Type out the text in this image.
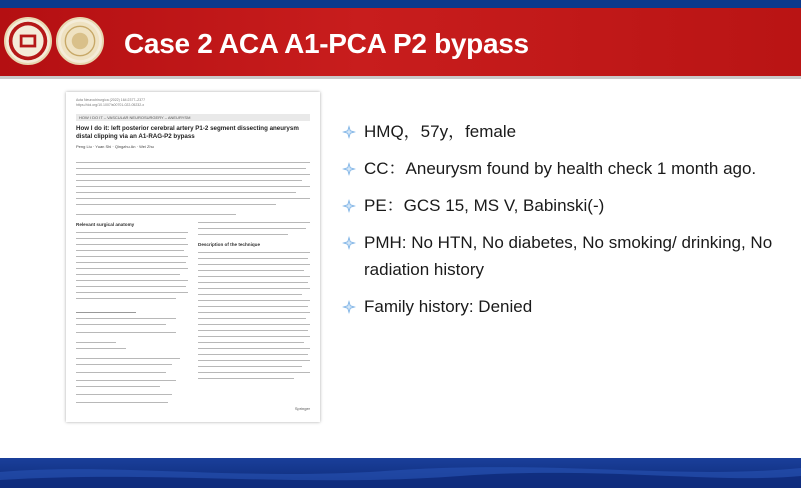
Case 2 ACA A1-PCA P2 bypass
Acta Neurochirurgica (2022) 164:2377–2377
https://doi.org/10.1007/s00701-022-05232-x
HOW I DO IT – VASCULAR NEUROSURGERY – ANEURYSM
How I do it: left posterior cerebral artery P1-2 segment dissecting aneurysm distal clipping via an A1-RAG-P2 bypass
Peng Liu · Yuan Shi · Qingzhu An · Wei Zhu
Relevant surgical anatomy
Description of the technique
Springer
HMQ，57y，female
CC：Aneurysm found by health check 1 month ago.
PE：GCS 15, MS V, Babinski(-)
PMH: No HTN, No diabetes, No smoking/ drinking, No radiation history
Family history: Denied
